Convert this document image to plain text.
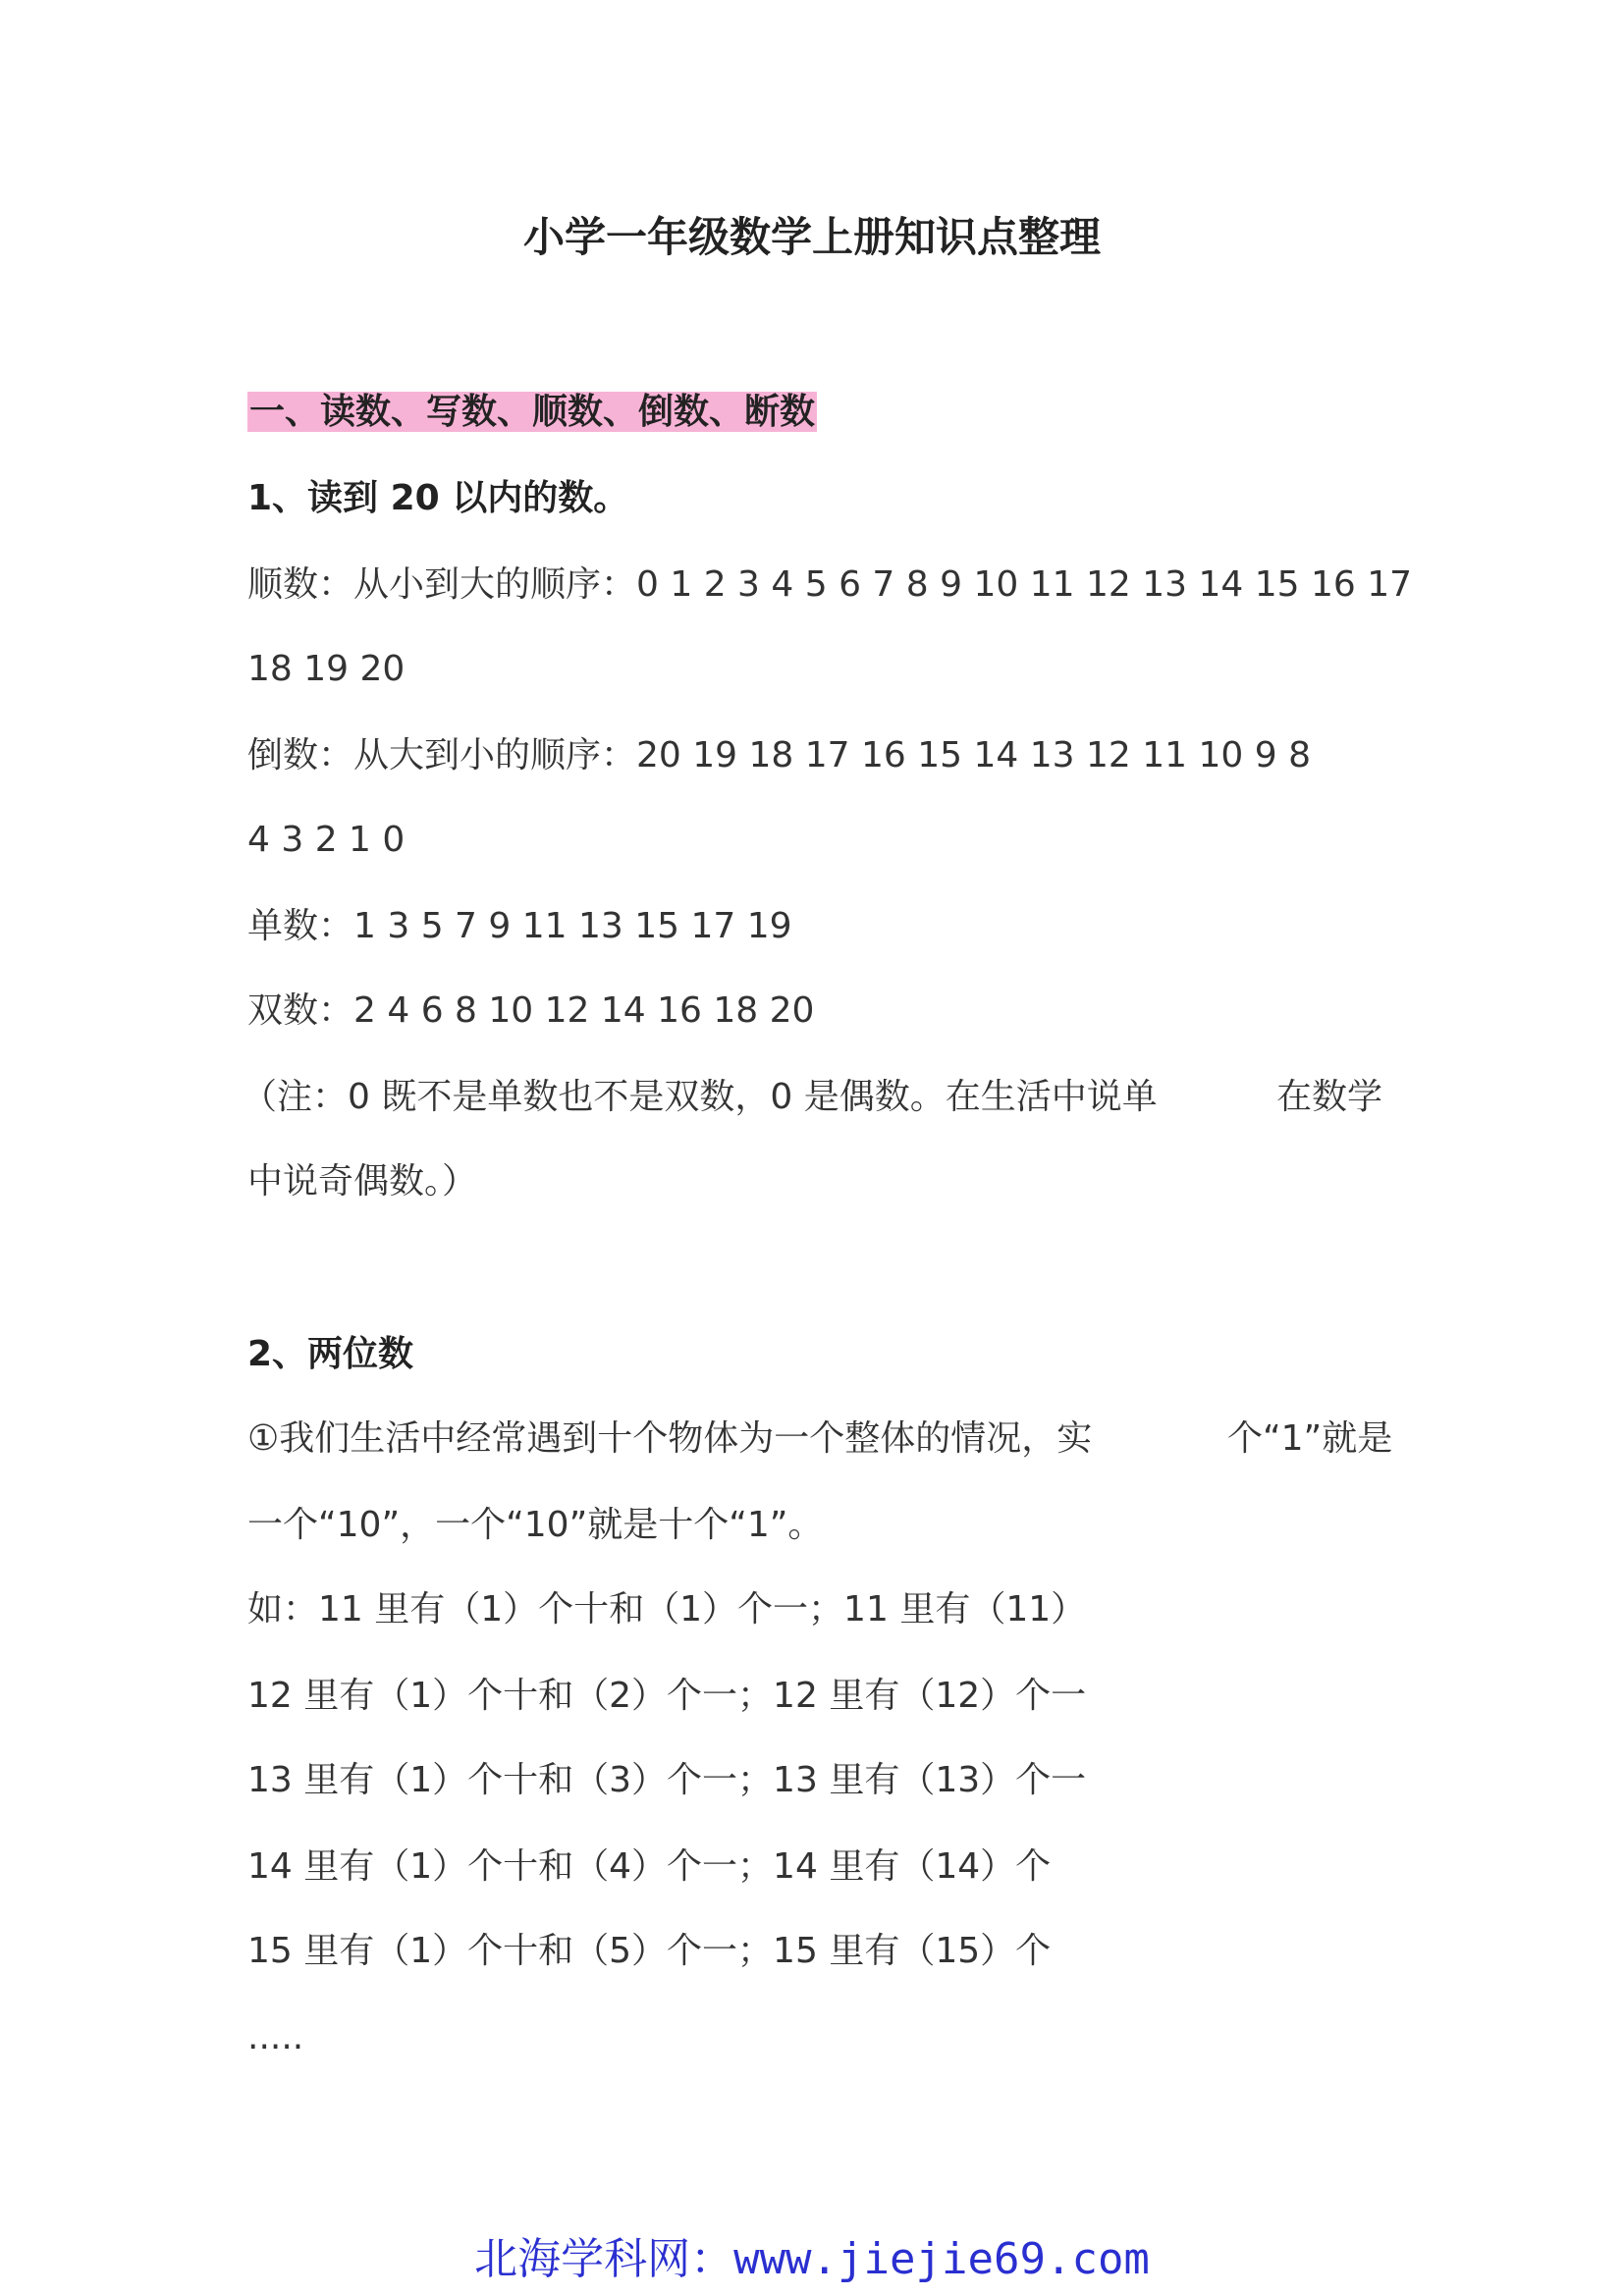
小学一年级数学上册知识点整理
一、读数、写数、顺数、倒数、断数
1、读到 20 以内的数。
顺数：从小到大的顺序：0 1 2 3 4 5 6 7 8 9 10 11 12 13 14 15 16 17
18 19 20
倒数：从大到小的顺序：20 19 18 17 16 15 14 13 12 11 10 9 8
4 3 2 1 0
单数：1 3 5 7 9 11 13 15 17 19
双数：2 4 6 8 10 12 14 16 18 20
（注：0 既不是单数也不是双数，0 是偶数。在生活中说单	在数学
中说奇偶数。）
2、两位数
①我们生活中经常遇到十个物体为一个整体的情况，实	个“1”就是
一个“10”，一个“10”就是十个“1”。
如：11 里有（1）个十和（1）个一；11 里有（11）
12 里有（1）个十和（2）个一；12 里有（12）个一
13 里有（1）个十和（3）个一；13 里有（13）个一
14 里有（1）个十和（4）个一；14 里有（14）个
15 里有（1）个十和（5）个一；15 里有（15）个
.....
北海学科网：www.jiejie69.com
